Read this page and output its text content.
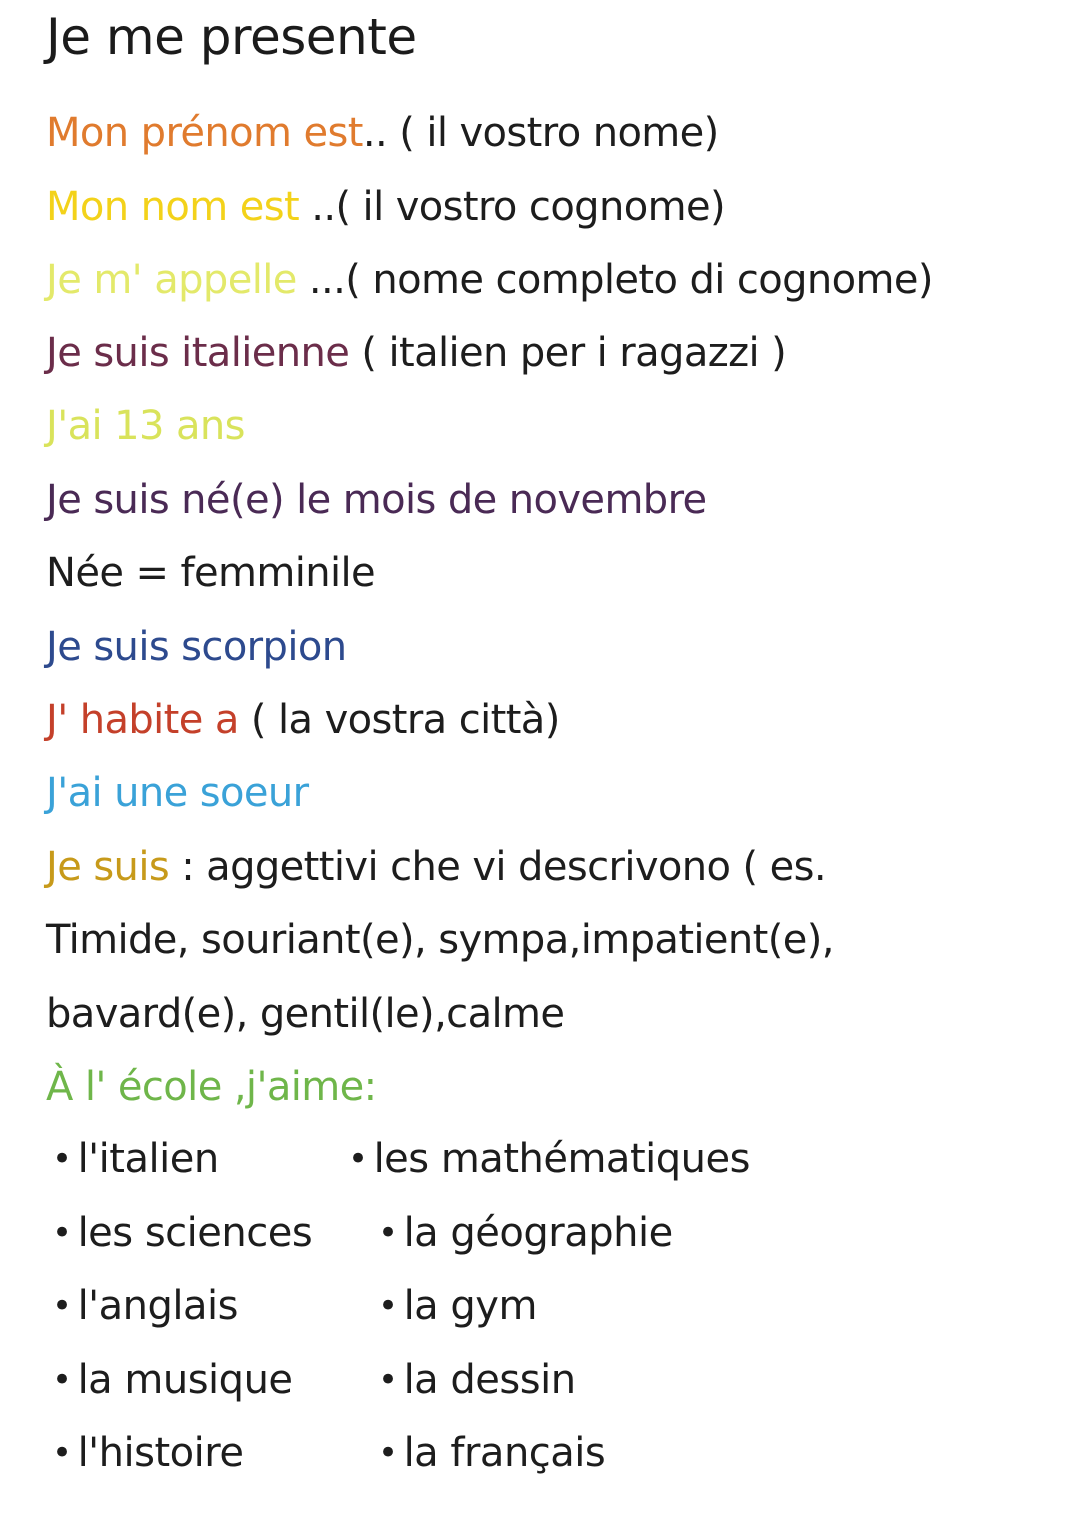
Je me presente
Mon prénom est.. ( il vostro nome)
Mon nom est ..( il vostro cognome)
Je m' appelle ...( nome completo di cognome)
Je suis italienne ( italien per i ragazzi )
J'ai 13 ans
Je suis né(e) le mois de novembre
Née = femminile
Je suis scorpion
J' habite a ( la vostra città)
J'ai une soeur
Je suis : aggettivi che vi descrivono ( es.
Timide, souriant(e), sympa,impatient(e),
bavard(e), gentil(le),calme
À l' école ,j'aime:
• l'italien	• les mathématiques
• les sciences • la géographie
• l'anglais	• la gym
• la musique	• la dessin
• l'histoire	• la français
